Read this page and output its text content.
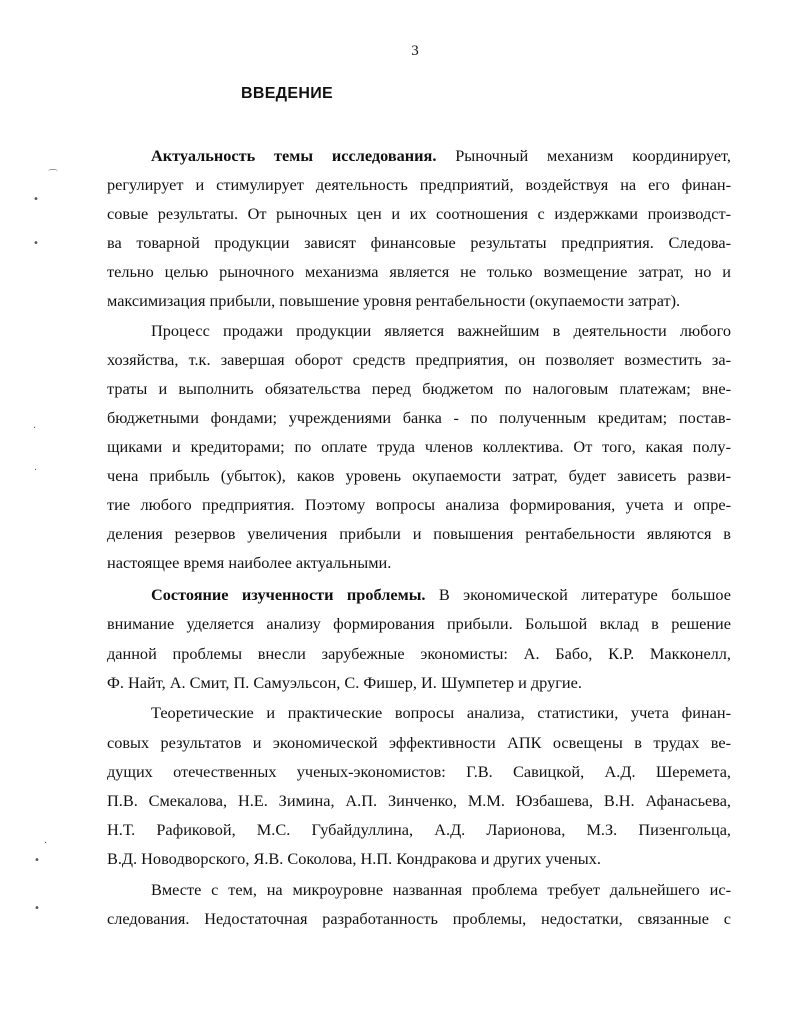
3
ВВЕДЕНИЕ
Актуальность темы исследования. Рыночный механизм координирует,
регулирует и стимулирует деятельность предприятий, воздействуя на его финан-
совые результаты. От рыночных цен и их соотношения с издержками производст-
ва товарной продукции зависят финансовые результаты предприятия. Следова-
тельно целью рыночного механизма является не только возмещение затрат, но и
максимизация прибыли, повышение уровня рентабельности (окупаемости затрат).
Процесс продажи продукции является важнейшим в деятельности любого
хозяйства, т.к. завершая оборот средств предприятия, он позволяет возместить за-
траты и выполнить обязательства перед бюджетом по налоговым платежам; вне-
бюджетными фондами; учреждениями банка - по полученным кредитам; постав-
щиками и кредиторами; по оплате труда членов коллектива. От того, какая полу-
чена прибыль (убыток), каков уровень окупаемости затрат, будет зависеть разви-
тие любого предприятия. Поэтому вопросы анализа формирования, учета и опре-
деления резервов увеличения прибыли и повышения рентабельности являются в
настоящее время наиболее актуальными.
Состояние изученности проблемы. В экономической литературе большое
внимание уделяется анализу формирования прибыли. Большой вклад в решение
данной проблемы внесли зарубежные экономисты: А. Бабо, К.Р. Макконелл,
Ф. Найт, А. Смит, П. Самуэльсон, С. Фишер, И. Шумпетер и другие.
Теоретические и практические вопросы анализа, статистики, учета финан-
совых результатов и экономической эффективности АПК освещены в трудах ве-
дущих отечественных ученых-экономистов: Г.В. Савицкой, А.Д. Шеремета,
П.В. Смекалова, Н.Е. Зимина, А.П. Зинченко, М.М. Юзбашева, В.Н. Афанасьева,
Н.Т. Рафиковой, М.С. Губайдуллина, А.Д. Ларионова, М.З. Пизенгольца,
В.Д. Новодворского, Я.В. Соколова, Н.П. Кондракова и других ученых.
Вместе с тем, на микроуровне названная проблема требует дальнейшего ис-
следования. Недостаточная разработанность проблемы, недостатки, связанные с
⌒
•
•
·
·
·
•
•
